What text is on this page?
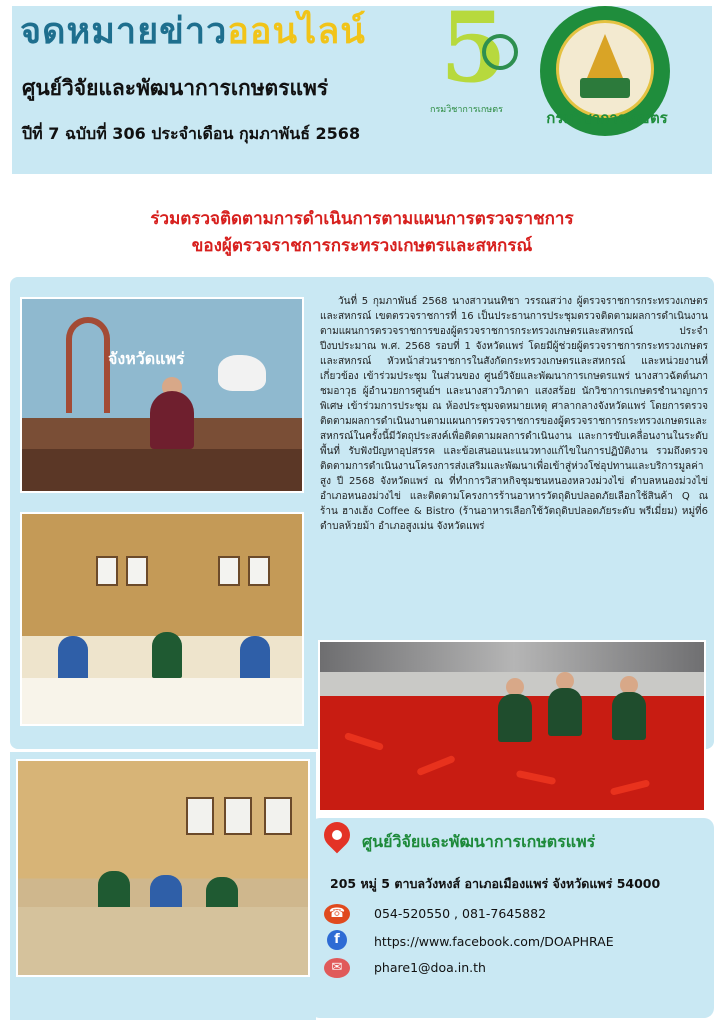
จดหมายข่าวออนไลน์
ศูนย์วิจัยและพัฒนาการเกษตรแพร่
ปีที่ 7 ฉบับที่ 306 ประจำเดือน กุมภาพันธ์ 2568
5
กรมวิชาการเกษตร	กรมวิชาการเกษตร
ร่วมตรวจติดตามการดำเนินการตามแผนการตรวจราชการ
ของผู้ตรวจราชการกระทรวงเกษตรและสหกรณ์
จังหวัดแพร่
วันที่ 5 กุมภาพันธ์ 2568 นางสาวนนทิชา วรรณสว่าง ผู้ตรวจราชการกระทรวงเกษตรและสหกรณ์ เขตตรวจราชการที่ 16 เป็นประธานการประชุมตรวจติดตามผลการดำเนินงานตามแผนการตรวจราชการของผู้ตรวจราชการกระทรวงเกษตรและสหกรณ์ ประจำปีงบประมาณ พ.ศ. 2568 รอบที่ 1 จังหวัดแพร่ โดยมีผู้ช่วยผู้ตรวจราชการกระทรวงเกษตรและสหกรณ์ หัวหน้าส่วนราชการในสังกัดกระทรวงเกษตรและสหกรณ์ และหน่วยงานที่เกี่ยวข้อง เข้าร่วมประชุม ในส่วนของ ศูนย์วิจัยและพัฒนาการเกษตรแพร่ นางสาวฉัตต์นภา ชมอาวุธ ผู้อำนวยการศูนย์ฯ และนางสาววิภาดา แสงสร้อย นักวิชาการเกษตรชำนาญการพิเศษ เข้าร่วมการประชุม ณ ห้องประชุมจดหมายเหตุ ศาลากลางจังหวัดแพร่ โดยการตรวจติดตามผลการดำเนินงานตามแผนการตรวจราชการของผู้ตรวจราชการกระทรวงเกษตรและสหกรณ์ในครั้งนี้มีวัตถุประสงค์เพื่อติดตามผลการดำเนินงาน และการขับเคลื่อนงานในระดับพื้นที่ รับฟังปัญหาอุปสรรค และข้อเสนอแนะแนวทางแก้ไขในการปฏิบัติงาน รวมถึงตรวจติดตามการดำเนินงานโครงการส่งเสริมและพัฒนาเพื่อเข้าสู่ห่วงโซ่อุปทานและบริการมูลค่าสูง ปี 2568 จังหวัดแพร่ ณ ที่ทำการวิสาหกิจชุมชนหนองหลวงม่วงไข่ ตำบลหนองม่วงไข่ อำเภอหนองม่วงไข่ และติดตามโครงการร้านอาหารวัตถุดิบปลอดภัยเลือกใช้สินค้า Q ณ ร้าน ฮางเฮ้ง Coffee & Bistro (ร้านอาหารเลือกใช้วัตถุดิบปลอดภัยระดับ พรีเมี่ยม) หมู่ที่6 ตำบลห้วยม้า อำเภอสูงเม่น จังหวัดแพร่
ศูนย์วิจัยและพัฒนาการเกษตรแพร่
205 หมู่ 5 ตาบลวังหงส์ อาเภอเมืองแพร่ จังหวัดแพร่ 54000
☎	054-520550 , 081-7645882
f	https://www.facebook.com/DOAPHRAE
✉	phare1@doa.in.th
